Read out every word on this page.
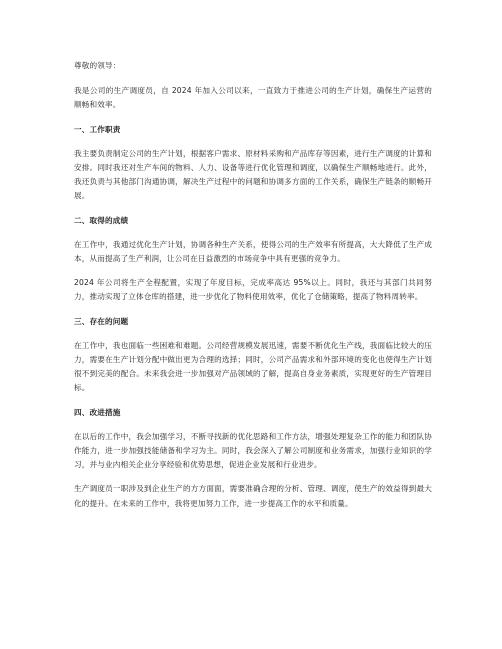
尊敬的领导：

我是公司的生产调度员，自 2024 年加入公司以来，一直致力于推进公司的生产计划，确保生产运营的顺畅和效率。

一、工作职责

我主要负责制定公司的生产计划，根据客户需求、原材料采购和产品库存等因素，进行生产调度的计算和安排。同时我还对生产车间的物料、人力、设备等进行优化管理和调度，以确保生产顺畅地进行。此外，我还负责与其他部门沟通协调，解决生产过程中的问题和协调多方面的工作关系，确保生产链条的顺畅开展。

二、取得的成绩

在工作中，我通过优化生产计划，协调各种生产关系，使得公司的生产效率有所提高，大大降低了生产成本，从而提高了生产利润，让公司在日益激烈的市场竞争中具有更强的竞争力。

2024 年公司将生产全程配置，实现了年度目标，完成率高达 95%以上。同时，我还与其部门共同努力，推动实现了立体仓库的搭建，进一步优化了物料使用效率，优化了仓储策略，提高了物料周转率。

三、存在的问题

在工作中，我也面临一些困难和难题。公司经营规模发展迅速，需要不断优化生产线，我面临比较大的压力，需要在生产计划分配中做出更为合理的选择；同时，公司产品需求和外部环境的变化也使得生产计划很不到完美的配合。未来我会进一步加强对产品领域的了解，提高自身业务素质，实现更好的生产管理目标。

四、改进措施

在以后的工作中，我会加强学习，不断寻找新的优化思路和工作方法，增强处理复杂工作的能力和团队协作能力，进一步加强技能储备和学习为主。同时，我会深入了解公司制度和业务需求，加强行业知识的学习，并与业内相关企业分享经验和优势思想，促进企业发展和行业进步。

生产调度员一职涉及到企业生产的方方面面，需要准确合理的分析、管理、调度，使生产的效益得到最大化的提升。在未来的工作中，我将更加努力工作，进一步提高工作的水平和质量。
